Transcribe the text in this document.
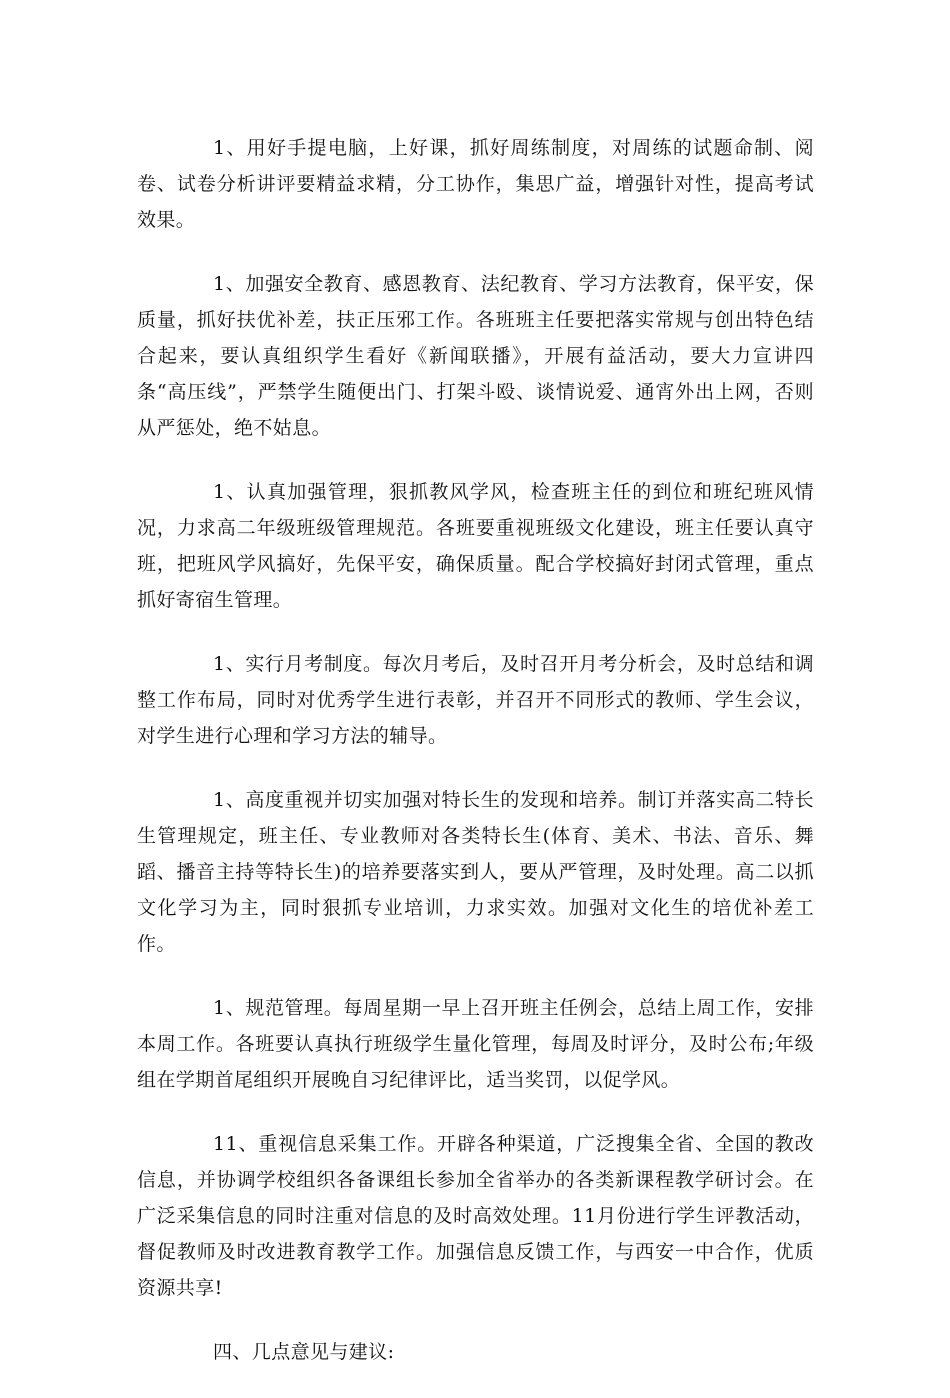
1、用好手提电脑，上好课，抓好周练制度，对周练的试题命制、阅卷、试卷分析讲评要精益求精，分工协作，集思广益，增强针对性，提高考试效果。

1、加强安全教育、感恩教育、法纪教育、学习方法教育，保平安，保质量，抓好扶优补差，扶正压邪工作。各班班主任要把落实常规与创出特色结合起来，要认真组织学生看好《新闻联播》，开展有益活动，要大力宣讲四条“高压线”，严禁学生随便出门、打架斗殴、谈情说爱、通宵外出上网，否则从严惩处，绝不姑息。

1、认真加强管理，狠抓教风学风，检查班主任的到位和班纪班风情况，力求高二年级班级管理规范。各班要重视班级文化建设，班主任要认真守班，把班风学风搞好，先保平安，确保质量。配合学校搞好封闭式管理，重点抓好寄宿生管理。

1、实行月考制度。每次月考后，及时召开月考分析会，及时总结和调整工作布局，同时对优秀学生进行表彰，并召开不同形式的教师、学生会议，对学生进行心理和学习方法的辅导。

1、高度重视并切实加强对特长生的发现和培养。制订并落实高二特长生管理规定，班主任、专业教师对各类特长生(体育、美术、书法、音乐、舞蹈、播音主持等特长生)的培养要落实到人，要从严管理，及时处理。高二以抓文化学习为主，同时狠抓专业培训，力求实效。加强对文化生的培优补差工作。

1、规范管理。每周星期一早上召开班主任例会，总结上周工作，安排本周工作。各班要认真执行班级学生量化管理，每周及时评分，及时公布;年级组在学期首尾组织开展晚自习纪律评比，适当奖罚，以促学风。

11、重视信息采集工作。开辟各种渠道，广泛搜集全省、全国的教改信息，并协调学校组织各备课组长参加全省举办的各类新课程教学研讨会。在广泛采集信息的同时注重对信息的及时高效处理。11月份进行学生评教活动，督促教师及时改进教育教学工作。加强信息反馈工作，与西安一中合作，优质资源共享!

四、几点意见与建议:
